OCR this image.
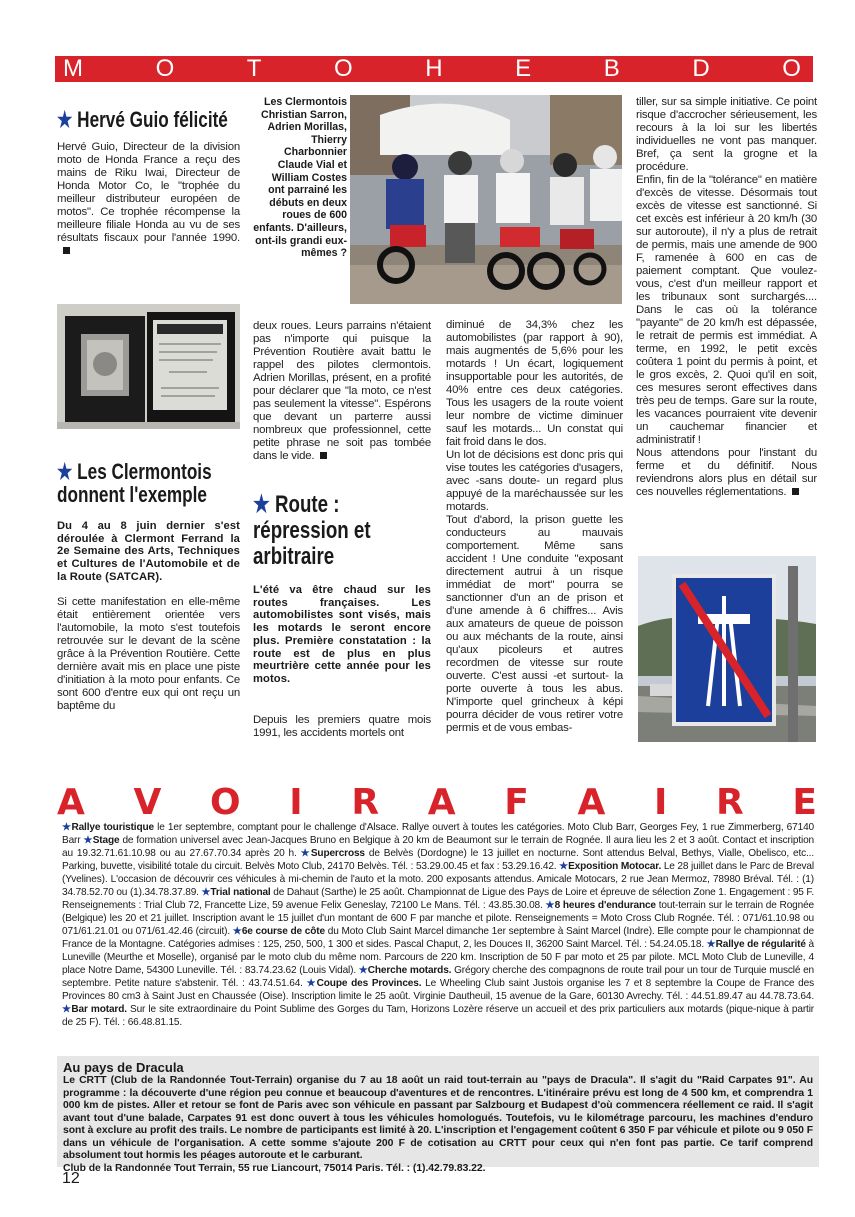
M	O	T	O	H	E	B	D	O
★ Hervé Guio félicité

Hervé Guio, Directeur de la division moto de Honda France a reçu des mains de Riku Iwai, Directeur de Honda Motor Co, le "trophée du meilleur distributeur européen de motos". Ce trophée récompense la meilleure filiale Honda au vu de ses résultats fiscaux pour l'année 1990.

★ Les Clermontois donnent l'exemple

Du 4 au 8 juin dernier s'est déroulée à Clermont Ferrand la 2e Semaine des Arts, Techniques et Cultures de l'Automobile et de la Route (SATCAR).

Si cette manifestation en elle-même était entièrement orientée vers l'automobile, la moto s'est toutefois retrouvée sur le devant de la scène grâce à la Prévention Routière. Cette dernière avait mis en place une piste d'initiation à la moto pour enfants. Ce sont 600 d'entre eux qui ont reçu un baptême du

Les Clermontois Christian Sarron, Adrien Morillas, Thierry Charbonnier Claude Vial et William Costes ont parrainé les débuts en deux roues de 600 enfants. D'ailleurs, ont-ils grandi eux-mêmes ?

deux roues. Leurs parrains n'étaient pas n'importe qui puisque la Prévention Routière avait battu le rappel des pilotes clermontois. Adrien Morillas, présent, en a profité pour déclarer que "la moto, ce n'est pas seulement la vitesse". Espérons que devant un parterre aussi nombreux que professionnel, cette petite phrase ne soit pas tombée dans le vide.

★ Route : répression et arbitraire

L'été va être chaud sur les routes françaises. Les automobilistes sont visés, mais les motards le seront encore plus. Première constatation : la route est de plus en plus meurtrière cette année pour les motos.

Depuis les premiers quatre mois 1991, les accidents mortels ont

diminué de 34,3% chez les automobilistes (par rapport à 90), mais augmentés de 5,6% pour les motards ! Un écart, logiquement insupportable pour les autorités, de 40% entre ces deux catégories. Tous les usagers de la route voient leur nombre de victime diminuer sauf les motards... Un constat qui fait froid dans le dos.

Un lot de décisions est donc pris qui vise toutes les catégories d'usagers, avec -sans doute- un regard plus appuyé de la maréchaussée sur les motards.

Tout d'abord, la prison guette les conducteurs au mauvais comportement. Même sans accident ! Une conduite "exposant directement autrui à un risque immédiat de mort" pourra se sanctionner d'un an de prison et d'une amende à 6 chiffres... Avis aux amateurs de queue de poisson ou aux méchants de la route, ainsi qu'aux picoleurs et autres recordmen de vitesse sur route ouverte. C'est aussi -et surtout- la porte ouverte à tous les abus. N'importe quel grincheux à képi pourra décider de vous retirer votre permis et de vous embas-

tiller, sur sa simple initiative. Ce point risque d'accrocher sérieusement, les recours à la loi sur les libertés individuelles ne vont pas manquer. Bref, ça sent la grogne et la procédure.

Enfin, fin de la "tolérance" en matière d'excès de vitesse. Désormais tout excès de vitesse est sanctionné. Si cet excès est inférieur à 20 km/h (30 sur autoroute), il n'y a plus de retrait de permis, mais une amende de 900 F, ramenée à 600 en cas de paiement comptant. Que voulez-vous, c'est d'un meilleur rapport et les tribunaux sont surchargés.... Dans le cas où la tolérance "payante" de 20 km/h est dépassée, le retrait de permis est immédiat. A terme, en 1992, le petit excès coûtera 1 point du permis à point, et le gros excès, 2. Quoi qu'il en soit, ces mesures seront effectives dans très peu de temps. Gare sur la route, les vacances pourraient vite devenir un cauchemar financier et administratif !

Nous attendons pour l'instant du ferme et du définitif. Nous reviendrons alors plus en détail sur ces nouvelles réglementations.

A V O I R A F A I R E
★Rallye touristique le 1er septembre, comptant pour le challenge d'Alsace. Rallye ouvert à toutes les catégories. Moto Club Barr, Georges Fey, 1 rue Zimmerberg, 67140 Barr ★Stage de formation universel avec Jean-Jacques Bruno en Belgique à 20 km de Beaumont sur le terrain de Rognée. Il aura lieu les 2 et 3 août. Contact et inscription au 19.32.71.61.10.98 ou au 27.67.70.34 après 20 h. ★Supercross de Belvès (Dordogne) le 13 juillet en nocturne. Sont attendus Belval, Bethys, Vialle, Obelisco, etc... Parking, buvette, visibilité totale du circuit. Belvès Moto Club, 24170 Belvès. Tél. : 53.29.00.45 et fax : 53.29.16.42. ★Exposition Motocar. Le 28 juillet dans le Parc de Breval (Yvelines). L'occasion de découvrir ces véhicules à mi-chemin de l'auto et la moto. 200 exposants attendus. Amicale Motocars, 2 rue Jean Mermoz, 78980 Bréval. Tél. : (1) 34.78.52.70 ou (1).34.78.37.89. ★Trial national de Dahaut (Sarthe) le 25 août. Championnat de Ligue des Pays de Loire et épreuve de sélection Zone 1. Engagement : 95 F. Renseignements : Trial Club 72, Francette Lize, 59 avenue Felix Geneslay, 72100 Le Mans. Tél. : 43.85.30.08. ★8 heures d'endurance tout-terrain sur le terrain de Rognée (Belgique) les 20 et 21 juillet. Inscription avant le 15 juillet d'un montant de 600 F par manche et pilote. Renseignements = Moto Cross Club Rognée. Tél. : 071/61.10.98 ou 071/61.21.01 ou 071/61.42.46 (circuit). ★6e course de côte du Moto Club Saint Marcel dimanche 1er septembre à Saint Marcel (Indre). Elle compte pour le championnat de France de la Montagne. Catégories admises : 125, 250, 500, 1 300 et sides. Pascal Chaput, 2, les Douces II, 36200 Saint Marcel. Tél. : 54.24.05.18. ★Rallye de régularité à Luneville (Meurthe et Moselle), organisé par le moto club du même nom. Parcours de 220 km. Inscription de 50 F par moto et 25 par pilote. MCL Moto Club de Luneville, 4 place Notre Dame, 54300 Luneville. Tél. : 83.74.23.62 (Louis Vidal). ★Cherche motards. Grégory cherche des compagnons de route trail pour un tour de Turquie musclé en septembre. Petite nature s'abstenir. Tél. : 43.74.51.64. ★Coupe des Provinces. Le Wheeling Club saint Justois organise les 7 et 8 septembre la Coupe de France des Provinces 80 cm3 à Saint Just en Chaussée (Oise). Inscription limite le 25 août. Virginie Dautheuil, 15 avenue de la Gare, 60130 Avrechy. Tél. : 44.51.89.47 au 44.78.73.64. ★Bar motard. Sur le site extraordinaire du Point Sublime des Gorges du Tarn, Horizons Lozère réserve un accueil et des prix particuliers aux motards (pique-nique à partir de 25 F). Tél. : 66.48.81.15.
Au pays de Dracula

Le CRTT (Club de la Randonnée Tout-Terrain) organise du 7 au 18 août un raid tout-terrain au "pays de Dracula". Il s'agit du "Raid Carpates 91". Au programme : la découverte d'une région peu connue et beaucoup d'aventures et de rencontres. L'itinéraire prévu est long de 4 500 km, et comprendra 1 000 km de pistes. Aller et retour se font de Paris avec son véhicule en passant par Salzbourg et Budapest d'où commencera réellement ce raid. Il s'agit avant tout d'une balade, Carpates 91 est donc ouvert à tous les véhicules homologués. Toutefois, vu le kilométrage parcouru, les machines d'enduro sont à exclure au profit des trails. Le nombre de participants est limité à 20. L'inscription et l'engagement coûtent 6 350 F par véhicule et pilote ou 9 050 F dans un véhicule de l'organisation. A cette somme s'ajoute 200 F de cotisation au CRTT pour ceux qui n'en font pas partie. Ce tarif comprend absolument tout hormis les péages autoroute et le carburant.

Club de la Randonnée Tout Terrain, 55 rue Liancourt, 75014 Paris. Tél. : (1).42.79.83.22.

12
